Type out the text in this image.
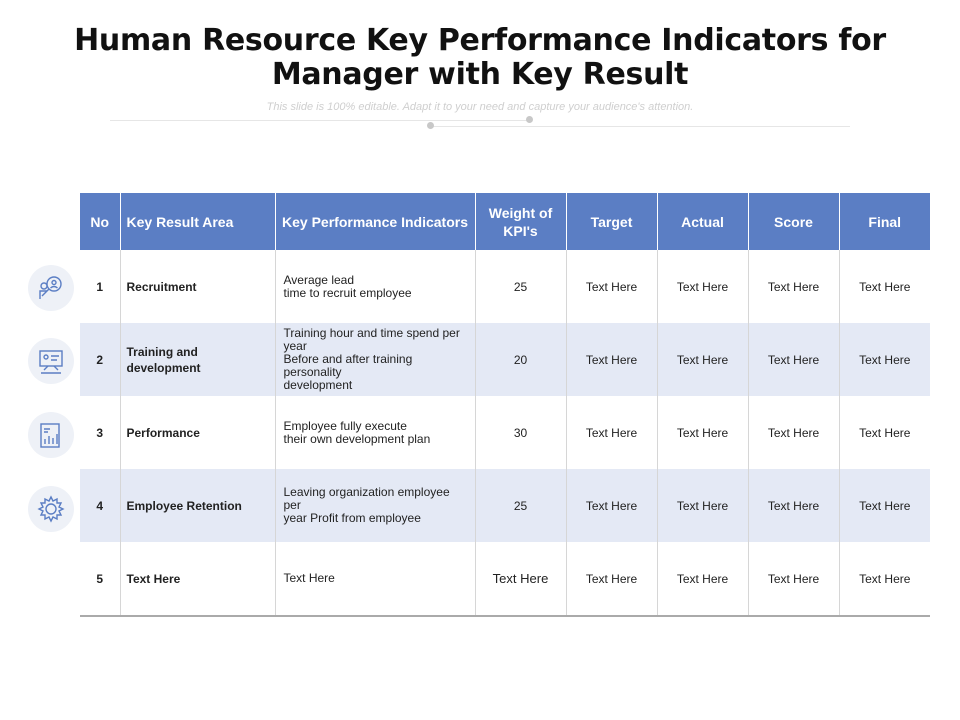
Human Resource Key Performance Indicators for
Manager with Key Result
This slide is 100% editable. Adapt it to your need and capture your audience's attention.
No	Key Result Area	Key Performance Indicators	Weight of KPI's	Target	Actual	Score	Final
1	Recruitment	Average lead
time to recruit employee	25	Text Here	Text Here	Text Here	Text Here
2	Training and development	Training hour and time spend per year
Before and after training personality
development	20	Text Here	Text Here	Text Here	Text Here
3	Performance	Employee fully execute
their own development plan	30	Text Here	Text Here	Text Here	Text Here
4	Employee Retention	Leaving organization employee per
year Profit from employee	25	Text Here	Text Here	Text Here	Text Here
5	Text Here	Text Here	Text Here	Text Here	Text Here	Text Here	Text Here
